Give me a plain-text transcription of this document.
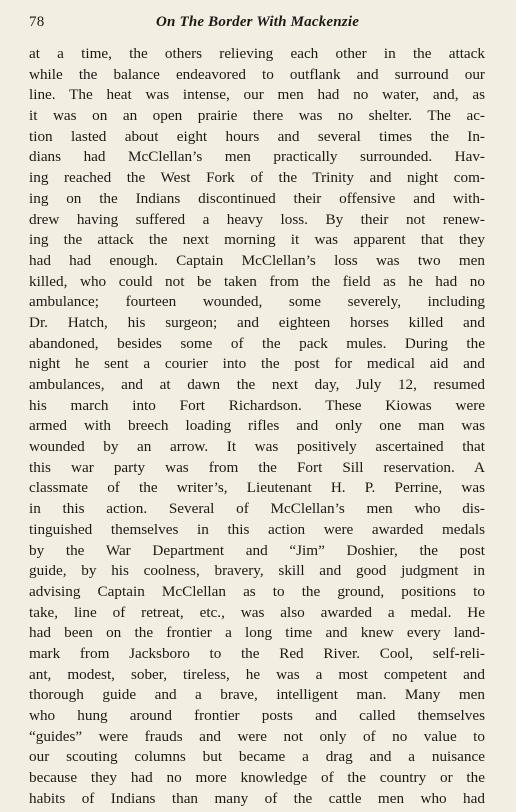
78	On The Border With Mackenzie
at a time, the others relieving each other in the attack
while the balance endeavored to outflank and surround our
line. The heat was intense, our men had no water, and, as
it was on an open prairie there was no shelter. The ac-
tion lasted about eight hours and several times the In-
dians had McClellan’s men practically surrounded. Hav-
ing reached the West Fork of the Trinity and night com-
ing on the Indians discontinued their offensive and with-
drew having suffered a heavy loss. By their not renew-
ing the attack the next morning it was apparent that they
had had enough. Captain McClellan’s loss was two men
killed, who could not be taken from the field as he had no
ambulance; fourteen wounded, some severely, including
Dr. Hatch, his surgeon; and eighteen horses killed and
abandoned, besides some of the pack mules. During the
night he sent a courier into the post for medical aid and
ambulances, and at dawn the next day, July 12, resumed
his march into Fort Richardson. These Kiowas were
armed with breech loading rifles and only one man was
wounded by an arrow. It was positively ascertained that
this war party was from the Fort Sill reservation. A
classmate of the writer’s, Lieutenant H. P. Perrine, was
in this action. Several of McClellan’s men who dis-
tinguished themselves in this action were awarded medals
by the War Department and “Jim” Doshier, the post
guide, by his coolness, bravery, skill and good judgment in
advising Captain McClellan as to the ground, positions to
take, line of retreat, etc., was also awarded a medal. He
had been on the frontier a long time and knew every land-
mark from Jacksboro to the Red River. Cool, self-reli-
ant, modest, sober, tireless, he was a most competent and
thorough guide and a brave, intelligent man. Many men
who hung around frontier posts and called themselves
“guides” were frauds and were not only of no value to
our scouting columns but became a drag and a nuisance
because they had no more knowledge of the country or the
habits of Indians than many of the cattle men who had
